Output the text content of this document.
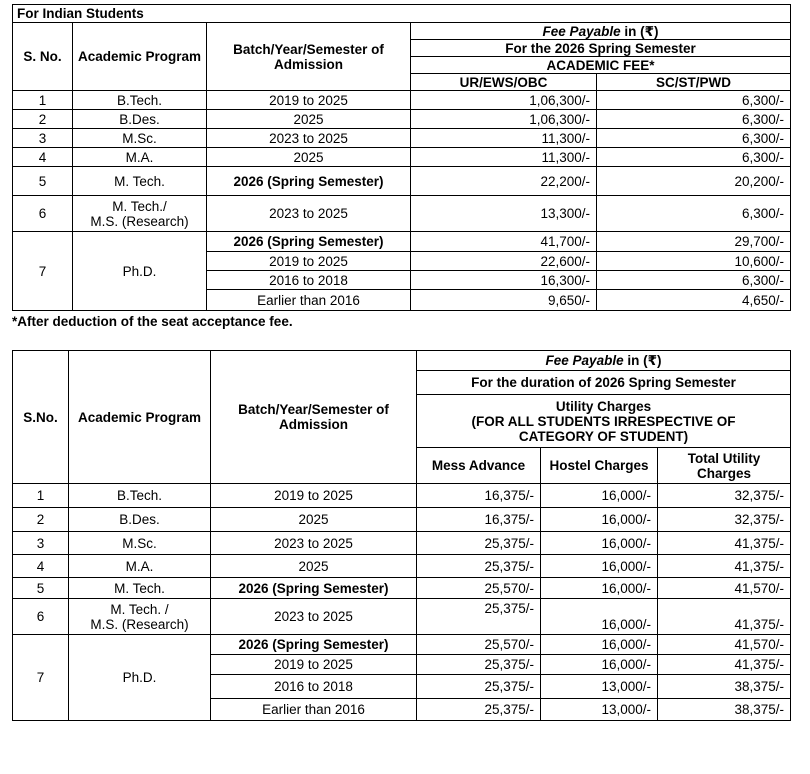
For Indian Students				
S. No.	Academic Program	Batch/Year/Semester of Admission	Fee Payable in (₹)	
			For the 2026 Spring Semester	
			ACADEMIC FEE*	
			UR/EWS/OBC	SC/ST/PWD
1	B.Tech.	2019 to 2025	1,06,300/-	6,300/-
2	B.Des.	2025	1,06,300/-	6,300/-
3	M.Sc.	2023 to 2025	11,300/-	6,300/-
4	M.A.	2025	11,300/-	6,300/-
5	M. Tech.	2026 (Spring Semester)	22,200/-	20,200/-
6	M. Tech./
M.S. (Research)	2023 to 2025	13,300/-	6,300/-
7	Ph.D.	2026 (Spring Semester)	41,700/-	29,700/-
		2019 to 2025	22,600/-	10,600/-
		2016 to 2018	16,300/-	6,300/-
		Earlier than 2016	9,650/-	4,650/-
*After deduction of the seat acceptance fee.
S.No.	Academic Program	Batch/Year/Semester of Admission	Fee Payable in (₹)		
			For the duration of 2026 Spring Semester		
			Utility Charges
(FOR ALL STUDENTS IRRESPECTIVE OF
CATEGORY OF STUDENT)		
			Mess Advance	Hostel Charges	Total Utility Charges
1	B.Tech.	2019 to 2025	16,375/-	16,000/-	32,375/-
2	B.Des.	2025	16,375/-	16,000/-	32,375/-
3	M.Sc.	2023 to 2025	25,375/-	16,000/-	41,375/-
4	M.A.	2025	25,375/-	16,000/-	41,375/-
5	M. Tech.	2026 (Spring Semester)	25,570/-	16,000/-	41,570/-
6	M. Tech. /
M.S. (Research)	2023 to 2025	25,375/-	16,000/-	41,375/-
7	Ph.D.	2026 (Spring Semester)	25,570/-	16,000/-	41,570/-
		2019 to 2025	25,375/-	16,000/-	41,375/-
		2016 to 2018	25,375/-	13,000/-	38,375/-
		Earlier than 2016	25,375/-	13,000/-	38,375/-
